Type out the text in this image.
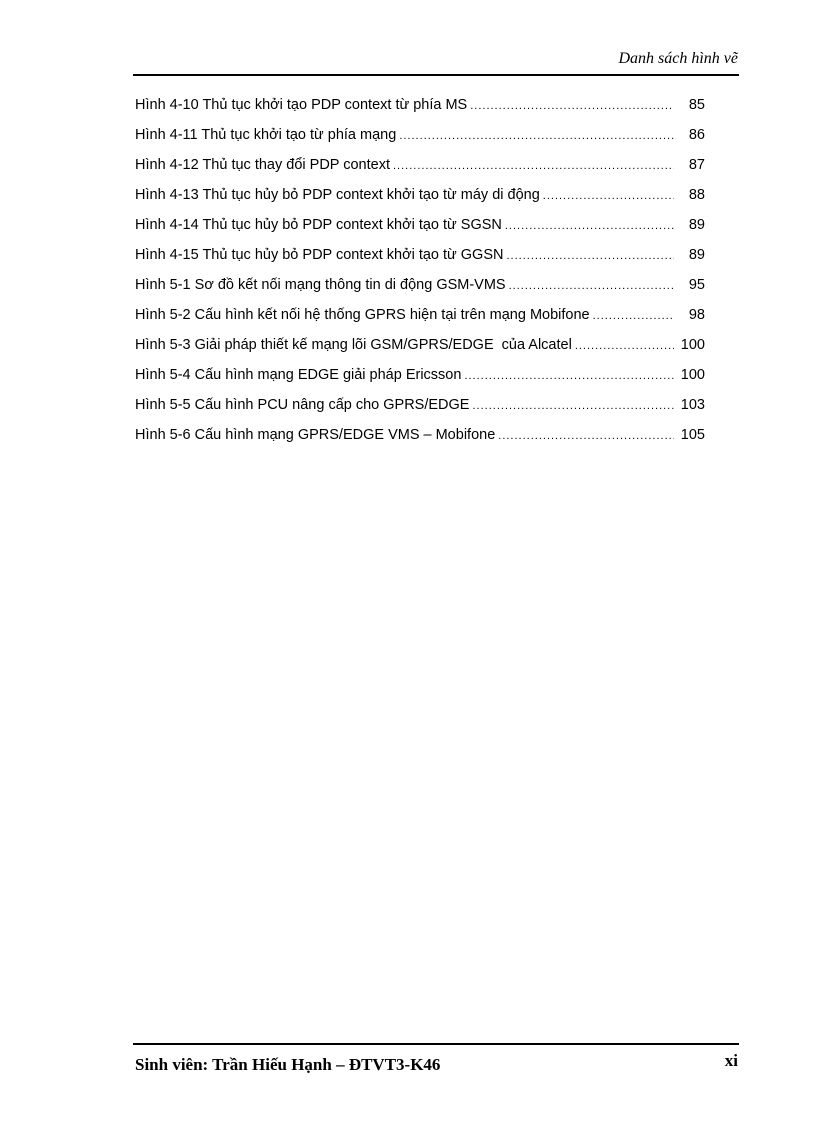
Danh sách hình vẽ
Hình 4-10 Thủ tục khởi tạo PDP context từ phía MS .....	85
Hình 4-11 Thủ tục khởi tạo từ phía mạng .....	86
Hình 4-12 Thủ tục thay đổi PDP context .....	87
Hình 4-13 Thủ tục hủy bỏ PDP context khởi tạo từ máy di động .....	88
Hình 4-14 Thủ tục hủy bỏ PDP context khởi tạo từ SGSN .....	89
Hình 4-15 Thủ tục hủy bỏ PDP context khởi tạo từ GGSN .....	89
Hình 5-1 Sơ đồ kết nối mạng thông tin di động GSM-VMS .....	95
Hình 5-2 Cấu hình kết nối hệ thống GPRS hiện tại trên mạng Mobifone .....	98
Hình 5-3 Giải pháp thiết kế mạng lõi GSM/GPRS/EDGE  của Alcatel .....	100
Hình 5-4 Cấu hình mạng EDGE giải pháp Ericsson .....	100
Hình 5-5 Cấu hình PCU nâng cấp cho GPRS/EDGE .....	103
Hình 5-6 Cấu hình mạng GPRS/EDGE VMS – Mobifone .....	105
Sinh viên: Trần Hiếu Hạnh – ĐTVT3-K46	xi
